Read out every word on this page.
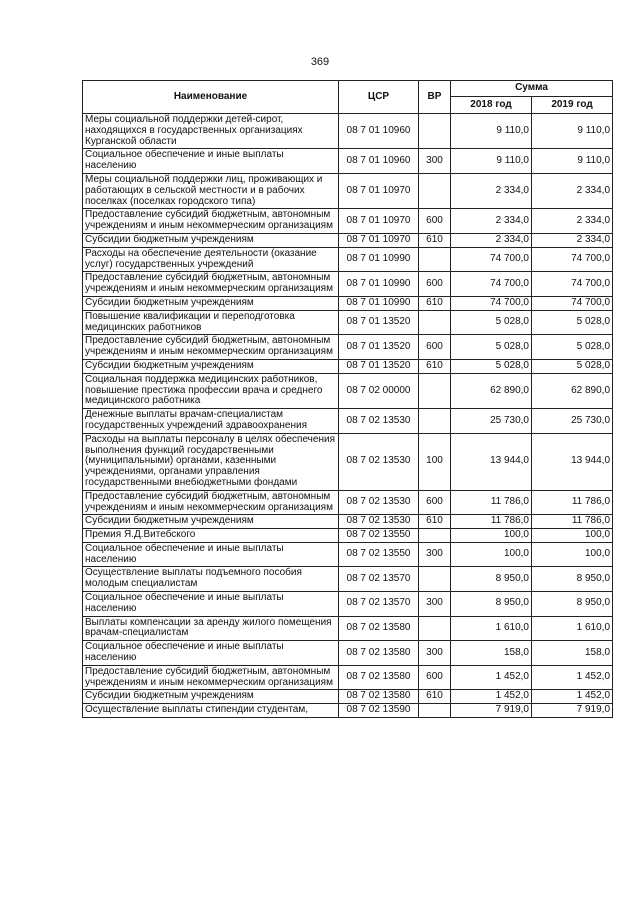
369
Наименование	ЦСР	ВР	Сумма	
			2018 год	2019 год
Меры социальной поддержки детей-сирот, находящихся в государственных организациях Курганской области	08 7 01 10960		9 110,0	9 110,0
Социальное обеспечение и иные выплаты населению	08 7 01 10960	300	9 110,0	9 110,0
Меры социальной поддержки лиц, проживающих и работающих в сельской местности и в рабочих поселках (поселках городского типа)	08 7 01 10970		2 334,0	2 334,0
Предоставление субсидий бюджетным, автономным учреждениям и иным некоммерческим организациям	08 7 01 10970	600	2 334,0	2 334,0
Субсидии бюджетным учреждениям	08 7 01 10970	610	2 334,0	2 334,0
Расходы на обеспечение деятельности (оказание услуг) государственных учреждений	08 7 01 10990		74 700,0	74 700,0
Предоставление субсидий бюджетным, автономным учреждениям и иным некоммерческим организациям	08 7 01 10990	600	74 700,0	74 700,0
Субсидии бюджетным учреждениям	08 7 01 10990	610	74 700,0	74 700,0
Повышение квалификации и переподготовка медицинских работников	08 7 01 13520		5 028,0	5 028,0
Предоставление субсидий бюджетным, автономным учреждениям и иным некоммерческим организациям	08 7 01 13520	600	5 028,0	5 028,0
Субсидии бюджетным учреждениям	08 7 01 13520	610	5 028,0	5 028,0
Социальная поддержка медицинских работников, повышение престижа профессии врача и среднего медицинского работника	08 7 02 00000		62 890,0	62 890,0
Денежные выплаты врачам-специалистам государственных учреждений здравоохранения	08 7 02 13530		25 730,0	25 730,0
Расходы на выплаты персоналу в целях обеспечения выполнения функций государственными (муниципальными) органами, казенными учреждениями, органами управления государственными внебюджетными фондами	08 7 02 13530	100	13 944,0	13 944,0
Предоставление субсидий бюджетным, автономным учреждениям и иным некоммерческим организациям	08 7 02 13530	600	11 786,0	11 786,0
Субсидии бюджетным учреждениям	08 7 02 13530	610	11 786,0	11 786,0
Премия Я.Д.Витебского	08 7 02 13550		100,0	100,0
Социальное обеспечение и иные выплаты населению	08 7 02 13550	300	100,0	100,0
Осуществление выплаты подъемного пособия молодым специалистам	08 7 02 13570		8 950,0	8 950,0
Социальное обеспечение и иные выплаты населению	08 7 02 13570	300	8 950,0	8 950,0
Выплаты компенсации за аренду жилого помещения врачам-специалистам	08 7 02 13580		1 610,0	1 610,0
Социальное обеспечение и иные выплаты населению	08 7 02 13580	300	158,0	158,0
Предоставление субсидий бюджетным, автономным учреждениям и иным некоммерческим организациям	08 7 02 13580	600	1 452,0	1 452,0
Субсидии бюджетным учреждениям	08 7 02 13580	610	1 452,0	1 452,0
Осуществление выплаты стипендии студентам,	08 7 02 13590		7 919,0	7 919,0
